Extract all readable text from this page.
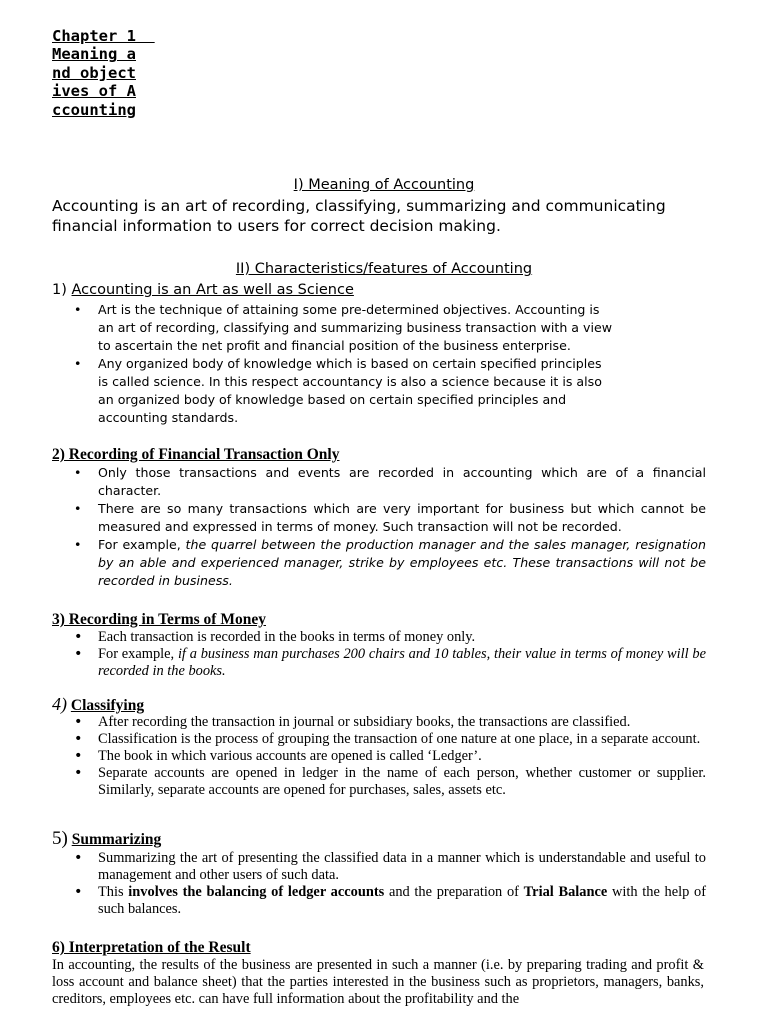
Chapter 1  Meaning and objectives of Accounting

I) Meaning of Accounting

Accounting is an art of recording, classifying, summarizing and communicating financial information to users for correct decision making.

II) Characteristics/features of Accounting

1) Accounting is an Art as well as Science

• Art is the technique of attaining some pre-determined objectives. Accounting is an art of recording, classifying and summarizing business transaction with a view to ascertain the net profit and financial position of the business enterprise.
• Any organized body of knowledge which is based on certain specified principles is called science. In this respect accountancy is also a science because it is also an organized body of knowledge based on certain specified principles and accounting standards.

2) Recording of Financial Transaction Only

• Only those transactions and events are recorded in accounting which are of a financial character.
• There are so many transactions which are very important for business but which cannot be measured and expressed in terms of money. Such transaction will not be recorded.
• For example, the quarrel between the production manager and the sales manager, resignation by an able and experienced manager, strike by employees etc. These transactions will not be recorded in business.

3) Recording in Terms of Money

• Each transaction is recorded in the books in terms of money only.
• For example, if a business man purchases 200 chairs and 10 tables, their value in terms of money will be recorded in the books.

4) Classifying

• After recording the transaction in journal or subsidiary books, the transactions are classified.
• Classification is the process of grouping the transaction of one nature at one place, in a separate account.
• The book in which various accounts are opened is called ‘Ledger’.
• Separate accounts are opened in ledger in the name of each person, whether customer or supplier. Similarly, separate accounts are opened for purchases, sales, assets etc.

5) Summarizing

• Summarizing the art of presenting the classified data in a manner which is understandable and useful to management and other users of such data.
• This involves the balancing of ledger accounts and the preparation of Trial Balance with the help of such balances.

6) Interpretation of the Result

In accounting, the results of the business are presented in such a manner (i.e. by preparing trading and profit & loss account and balance sheet) that the parties interested in the business such as proprietors, managers, banks, creditors, employees etc. can have full information about the profitability and the
